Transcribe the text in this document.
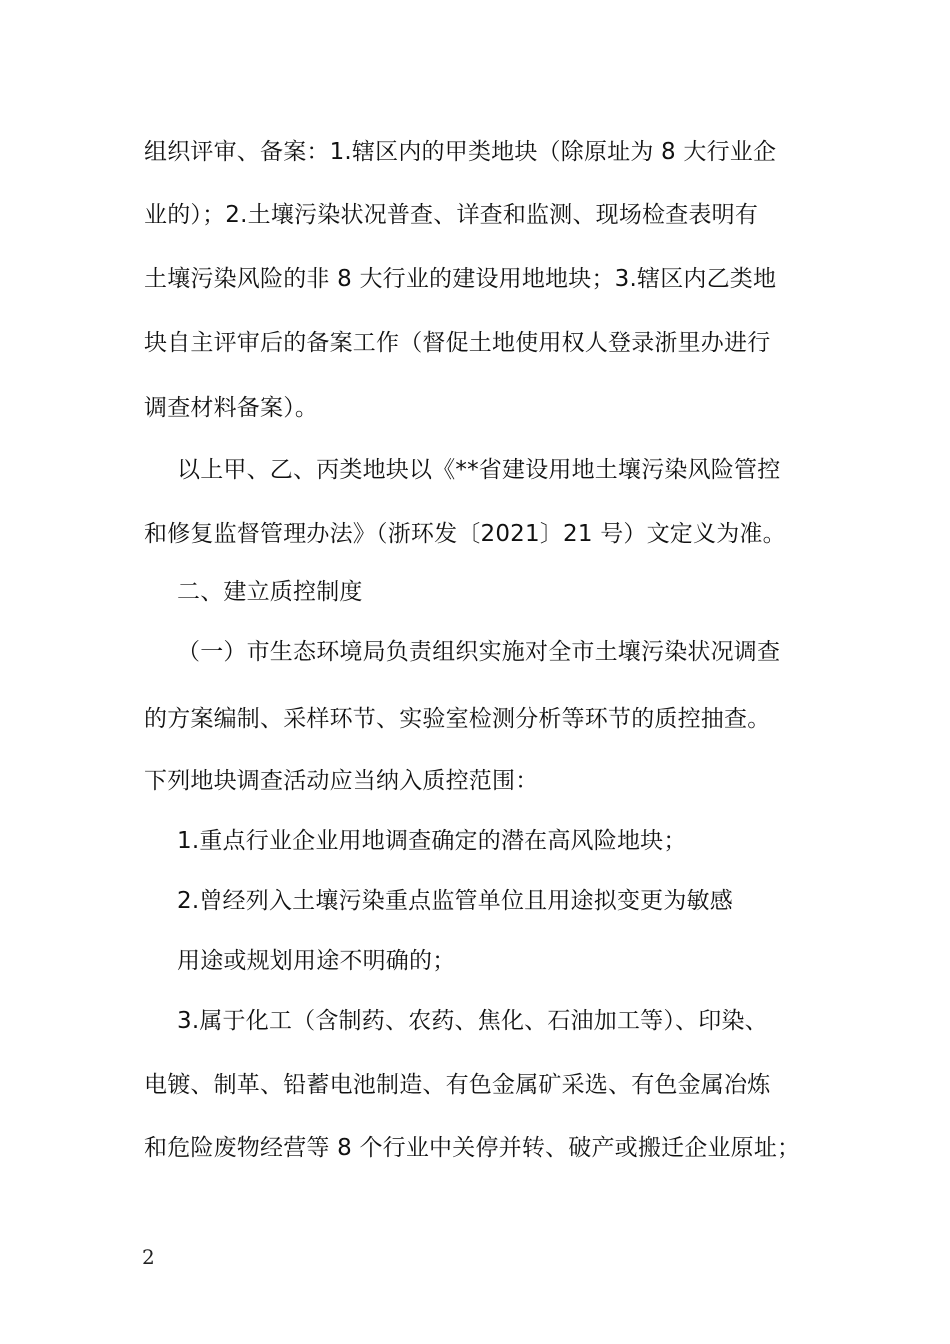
组织评审、备案：1.辖区内的甲类地块（除原址为 8 大行业企
业的）；2.土壤污染状况普查、详查和监测、现场检查表明有
土壤污染风险的非 8 大行业的建设用地地块；3.辖区内乙类地
块自主评审后的备案工作（督促土地使用权人登录浙里办进行
调查材料备案）。
以上甲、乙、丙类地块以《**省建设用地土壤污染风险管控
和修复监督管理办法》（浙环发〔2021〕21 号）文定义为准。
二、建立质控制度
（一）市生态环境局负责组织实施对全市土壤污染状况调查
的方案编制、采样环节、实验室检测分析等环节的质控抽查。
下列地块调查活动应当纳入质控范围：
1.重点行业企业用地调查确定的潜在高风险地块；
2.曾经列入土壤污染重点监管单位且用途拟变更为敏感
用途或规划用途不明确的；
3.属于化工（含制药、农药、焦化、石油加工等）、印染、
电镀、制革、铅蓄电池制造、有色金属矿采选、有色金属冶炼
和危险废物经营等 8 个行业中关停并转、破产或搬迁企业原址；
2
